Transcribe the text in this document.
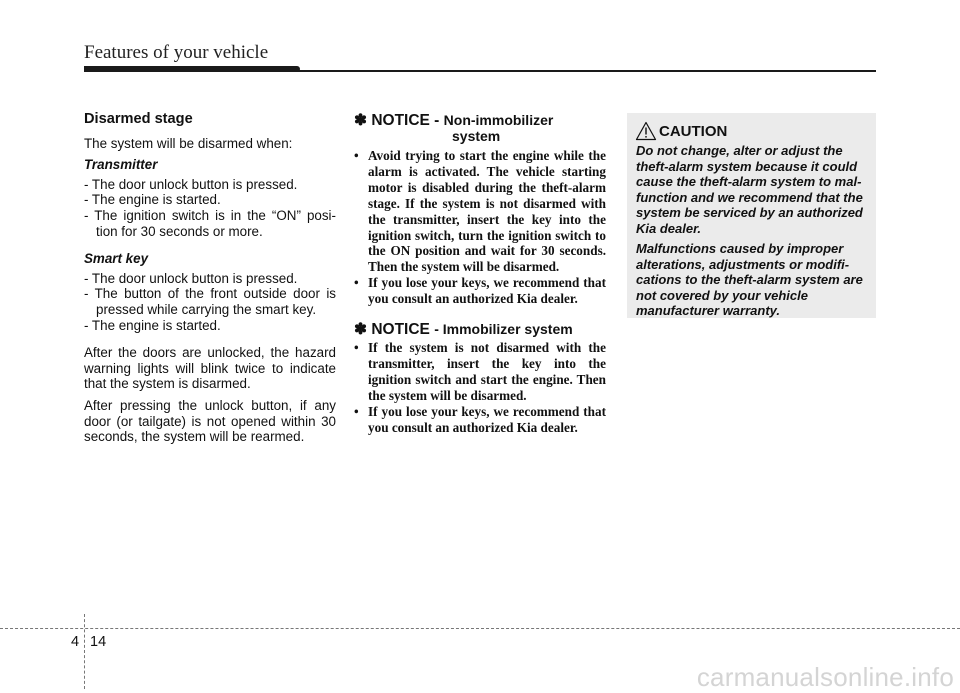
Features of your vehicle
Disarmed stage

The system will be disarmed when:

Transmitter

- The door unlock button is pressed.

- The engine is started.

- The ignition switch is in the “ON” posi-tion for 30 seconds or more.

Smart key

- The door unlock button is pressed.

- The button of the front outside door is pressed while carrying the smart key.

- The engine is started.

After the doors are unlocked, the hazard warning lights will blink twice to indicate that the system is disarmed.

After pressing the unlock button, if any door (or tailgate) is not opened within 30 seconds, the system will be rearmed.

✽ NOTICE - Non-immobilizer
system

• Avoid trying to start the engine while the alarm is activated. The vehicle starting motor is disabled during the theft-alarm stage. If the system is not disarmed with the transmitter, insert the key into the ignition switch, turn the ignition switch to the ON position and wait for 30 seconds. Then the system will be disarmed.

• If you lose your keys, we recommend that you consult an authorized Kia dealer.

✽ NOTICE - Immobilizer system

• If the system is not disarmed with the transmitter, insert the key into the ignition switch and start the engine. Then the system will be disarmed.

• If you lose your keys, we recommend that you consult an authorized Kia dealer.

CAUTION

Do not change, alter or adjust the theft-alarm system because it could cause the theft-alarm system to mal-function and we recommend that the system be serviced by an authorized Kia dealer.

Malfunctions caused by improper alterations, adjustments or modifi-cations to the theft-alarm system are not covered by your vehicle manufacturer warranty.

4 14
carmanualsonline.info
